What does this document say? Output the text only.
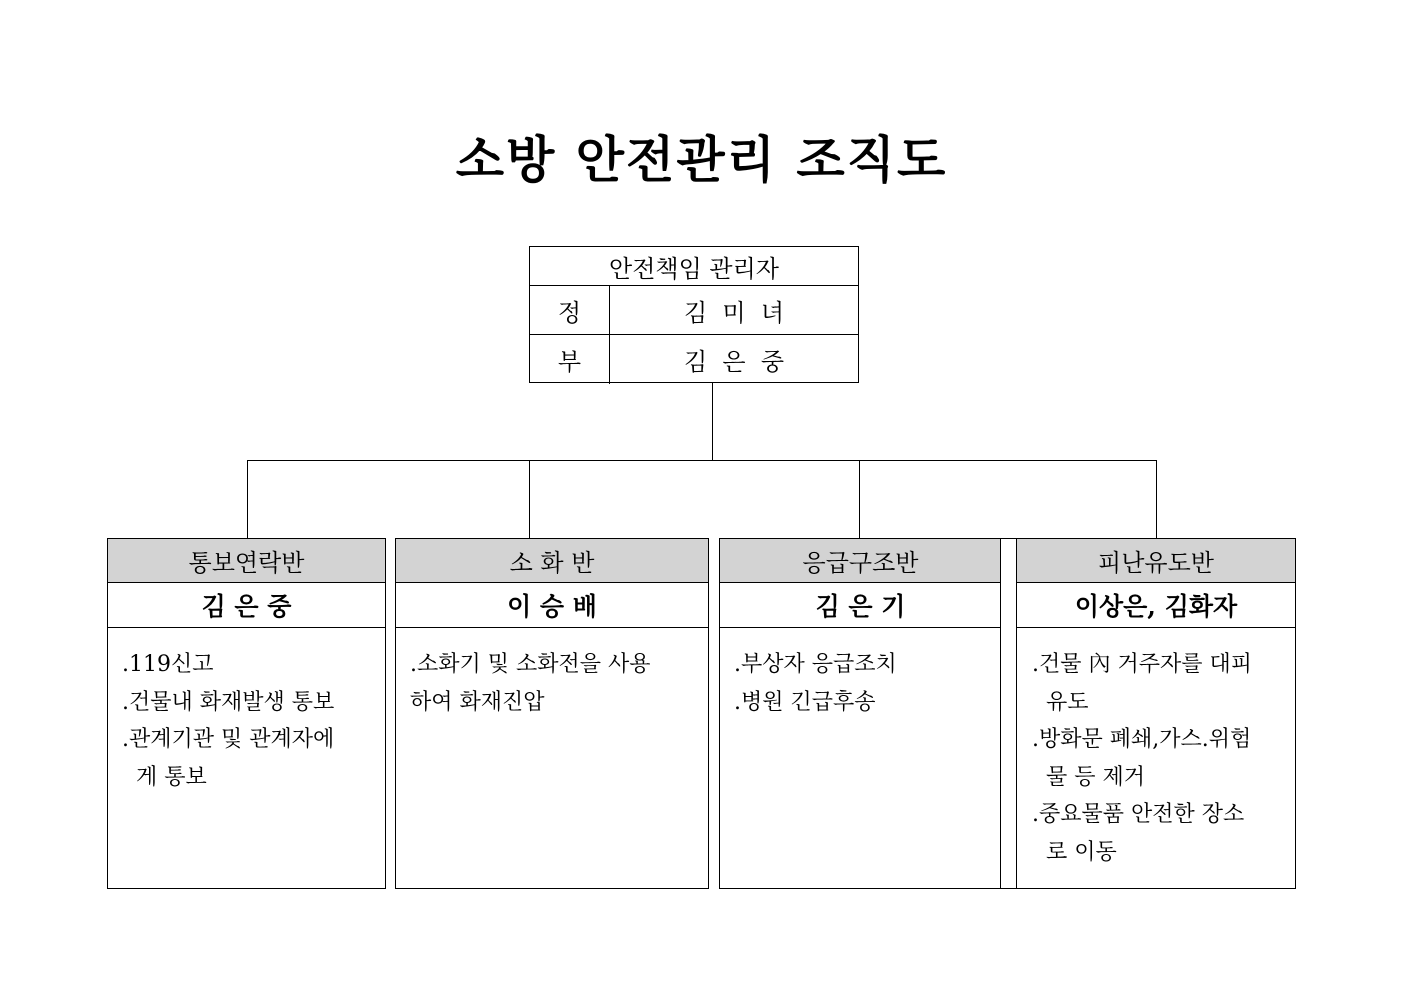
소방 안전관리 조직도
안전책임 관리자
정	김  미  녀
부	김  은  중
통보연락반
김 은 중
.119신고
.건물내 화재발생 통보
.관계기관 및 관계자에
게 통보
소 화 반
이 승 배
.소화기 및 소화전을 사용
하여 화재진압
응급구조반
김 은 기
.부상자 응급조치
.병원 긴급후송
피난유도반
이상은, 김화자
.건물 內 거주자를 대피
유도
.방화문 폐쇄,가스.위험
물 등 제거
.중요물품 안전한 장소
로 이동
